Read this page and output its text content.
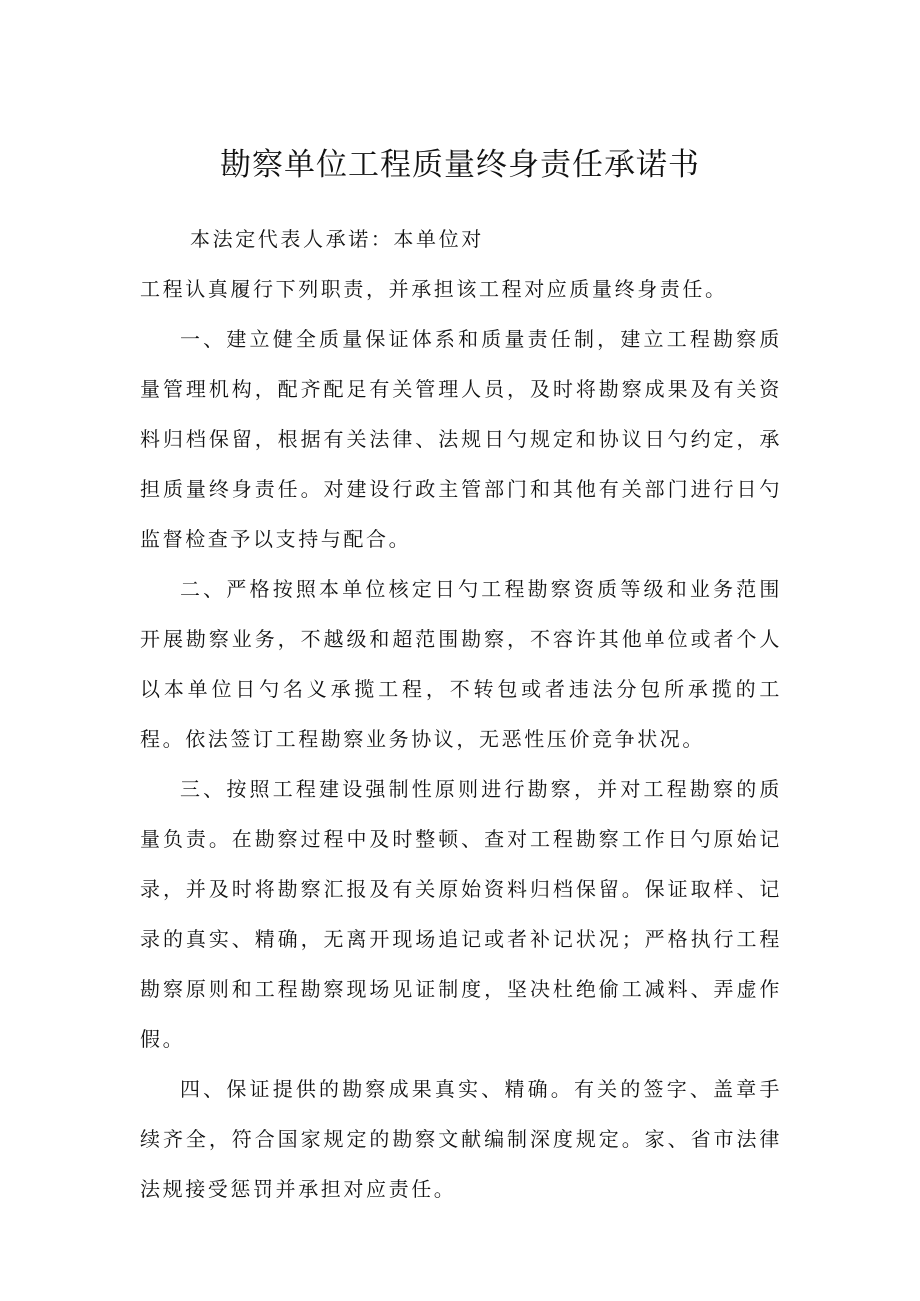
勘察单位工程质量终身责任承诺书

本法定代表人承诺：本单位对

工程认真履行下列职责，并承担该工程对应质量终身责任。

一、建立健全质量保证体系和质量责任制，建立工程勘察质量管理机构，配齐配足有关管理人员，及时将勘察成果及有关资料归档保留，根据有关法律、法规日勺规定和协议日勺约定，承担质量终身责任。对建设行政主管部门和其他有关部门进行日勺监督检查予以支持与配合。

二、严格按照本单位核定日勺工程勘察资质等级和业务范围开展勘察业务，不越级和超范围勘察，不容许其他单位或者个人以本单位日勺名义承揽工程，不转包或者违法分包所承揽的工程。依法签订工程勘察业务协议，无恶性压价竞争状况。

三、按照工程建设强制性原则进行勘察，并对工程勘察的质量负责。在勘察过程中及时整顿、查对工程勘察工作日勺原始记录，并及时将勘察汇报及有关原始资料归档保留。保证取样、记录的真实、精确，无离开现场追记或者补记状况；严格执行工程勘察原则和工程勘察现场见证制度，坚决杜绝偷工减料、弄虚作假。

四、保证提供的勘察成果真实、精确。有关的签字、盖章手续齐全，符合国家规定的勘察文献编制深度规定。家、省市法律法规接受惩罚并承担对应责任。
